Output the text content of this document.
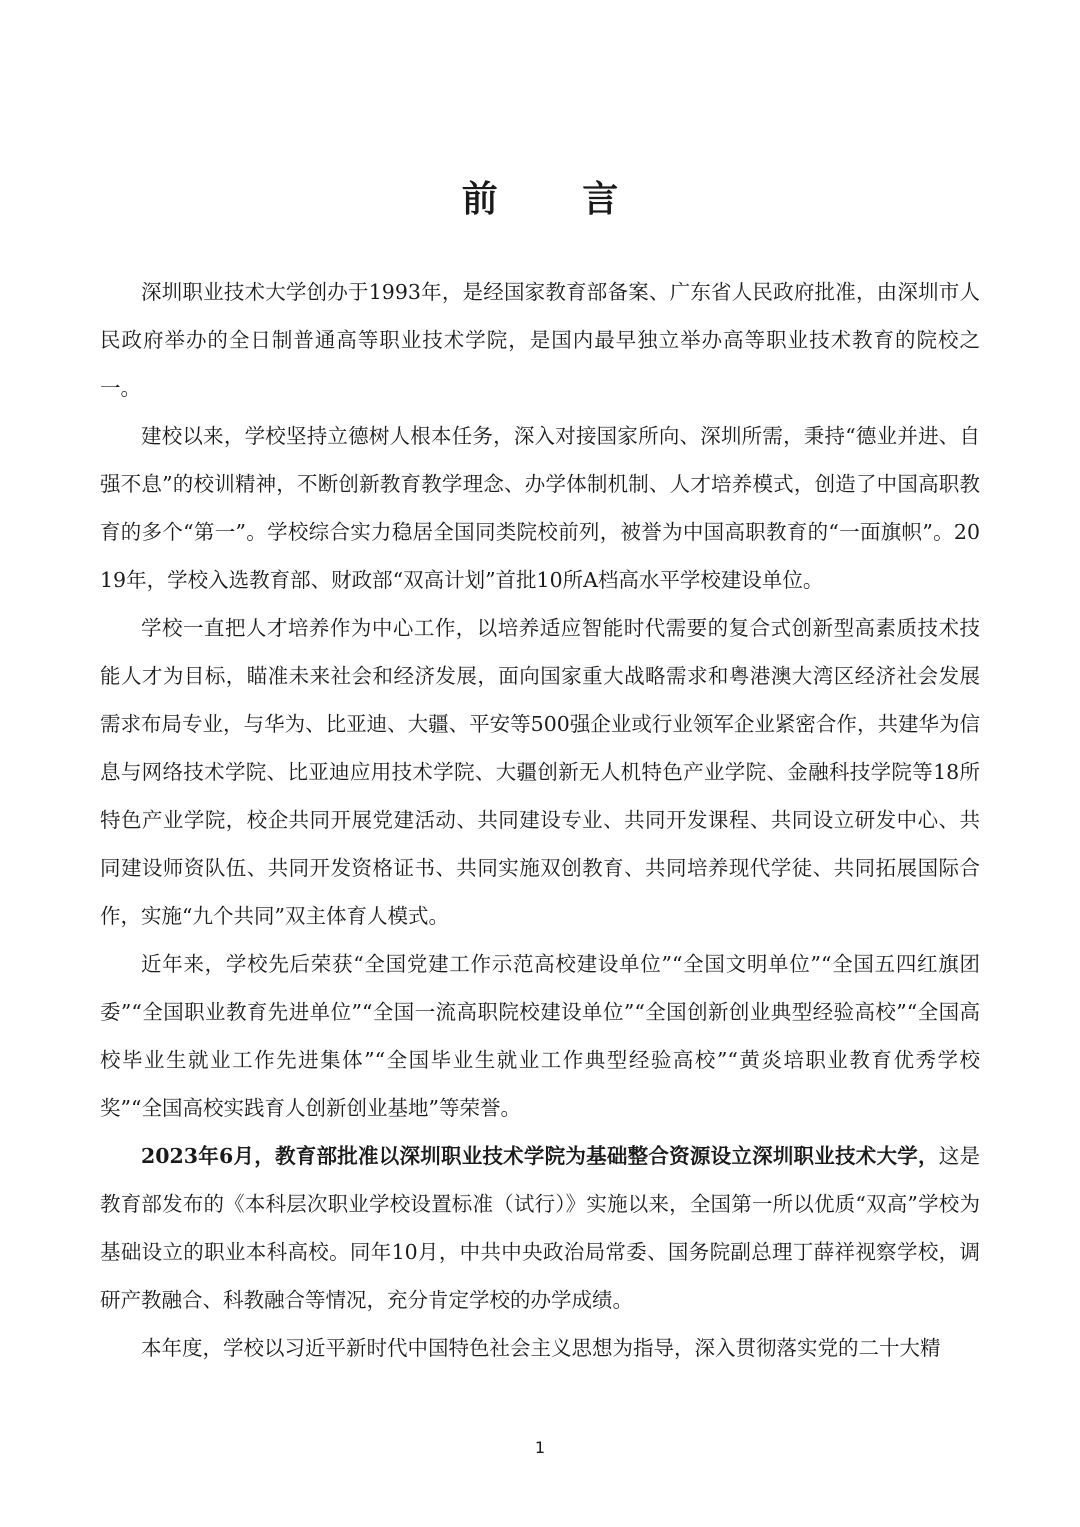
前 言

深圳职业技术大学创办于1993年，是经国家教育部备案、广东省人民政府批准，由深圳市人民政府举办的全日制普通高等职业技术学院，是国内最早独立举办高等职业技术教育的院校之一。

建校以来，学校坚持立德树人根本任务，深入对接国家所向、深圳所需，秉持“德业并进、自强不息”的校训精神，不断创新教育教学理念、办学体制机制、人才培养模式，创造了中国高职教育的多个“第一”。学校综合实力稳居全国同类院校前列，被誉为中国高职教育的“一面旗帜”。2019年，学校入选教育部、财政部“双高计划”首批10所A档高水平学校建设单位。

学校一直把人才培养作为中心工作，以培养适应智能时代需要的复合式创新型高素质技术技能人才为目标，瞄准未来社会和经济发展，面向国家重大战略需求和粤港澳大湾区经济社会发展需求布局专业，与华为、比亚迪、大疆、平安等500强企业或行业领军企业紧密合作，共建华为信息与网络技术学院、比亚迪应用技术学院、大疆创新无人机特色产业学院、金融科技学院等18所特色产业学院，校企共同开展党建活动、共同建设专业、共同开发课程、共同设立研发中心、共同建设师资队伍、共同开发资格证书、共同实施双创教育、共同培养现代学徒、共同拓展国际合作，实施“九个共同”双主体育人模式。

近年来，学校先后荣获“全国党建工作示范高校建设单位”“全国文明单位”“全国五四红旗团委”“全国职业教育先进单位”“全国一流高职院校建设单位”“全国创新创业典型经验高校”“全国高校毕业生就业工作先进集体”“全国毕业生就业工作典型经验高校”“黄炎培职业教育优秀学校奖”“全国高校实践育人创新创业基地”等荣誉。

2023年6月，教育部批准以深圳职业技术学院为基础整合资源设立深圳职业技术大学，这是教育部发布的《本科层次职业学校设置标准（试行）》实施以来，全国第一所以优质“双高”学校为基础设立的职业本科高校。同年10月，中共中央政治局常委、国务院副总理丁薛祥视察学校，调研产教融合、科教融合等情况，充分肯定学校的办学成绩。

本年度，学校以习近平新时代中国特色社会主义思想为指导，深入贯彻落实党的二十大精

1
